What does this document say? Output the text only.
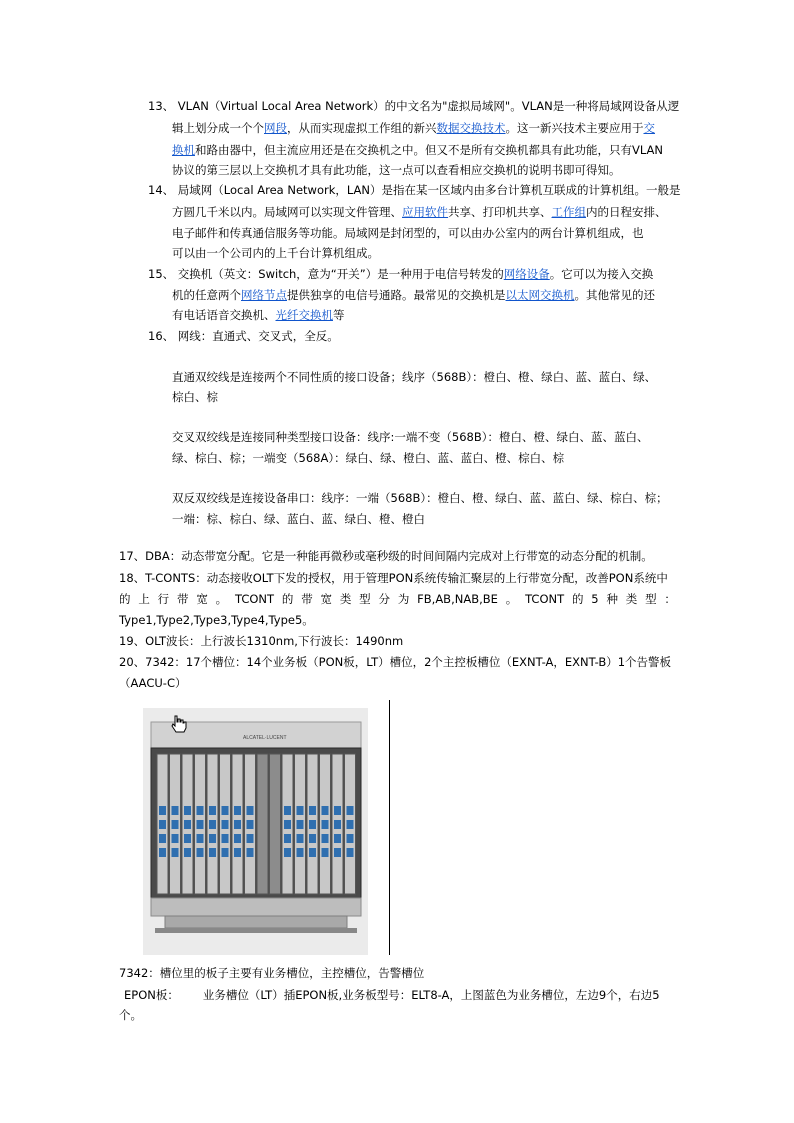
13、 VLAN（Virtual Local Area Network）的中文名为"虚拟局域网"。VLAN是一种将局域网设备从逻
辑上划分成一个个网段，从而实现虚拟工作组的新兴数据交换技术。这一新兴技术主要应用于交
换机和路由器中，但主流应用还是在交换机之中。但又不是所有交换机都具有此功能，只有VLAN
协议的第三层以上交换机才具有此功能，这一点可以查看相应交换机的说明书即可得知。
14、 局域网（Local Area Network，LAN）是指在某一区域内由多台计算机互联成的计算机组。一般是
方圆几千米以内。局域网可以实现文件管理、应用软件共享、打印机共享、工作组内的日程安排、
电子邮件和传真通信服务等功能。局域网是封闭型的，可以由办公室内的两台计算机组成，也
可以由一个公司内的上千台计算机组成。
15、 交换机（英文：Switch，意为“开关”）是一种用于电信号转发的网络设备。它可以为接入交换
机的任意两个网络节点提供独享的电信号通路。最常见的交换机是以太网交换机。其他常见的还
有电话语音交换机、光纤交换机等
16、 网线：直通式、交叉式，全反。
直通双绞线是连接两个不同性质的接口设备；线序（568B）：橙白、橙、绿白、蓝、蓝白、绿、
棕白、棕
交叉双绞线是连接同种类型接口设备：线序:一端不变（568B）：橙白、橙、绿白、蓝、蓝白、
绿、棕白、棕；一端变（568A）：绿白、绿、橙白、蓝、蓝白、橙、棕白、棕
双反双绞线是连接设备串口：线序：一端（568B）：橙白、橙、绿白、蓝、蓝白、绿、棕白、棕；
一端：棕、棕白、绿、蓝白、蓝、绿白、橙、橙白
17、DBA：动态带宽分配。它是一种能再微秒或毫秒级的时间间隔内完成对上行带宽的动态分配的机制。
18、T-CONTS：动态接收OLT下发的授权，用于管理PON系统传输汇聚层的上行带宽分配，改善PON系统中
的 上 行 带 宽 。 TCONT 的 带 宽 类 型 分 为 FB,AB,NAB,BE 。 TCONT 的 5 种 类 型 ：
Type1,Type2,Type3,Type4,Type5。
19、OLT波长：上行波长1310nm,下行波长：1490nm
20、7342：17个槽位：14个业务板（PON板，LT）槽位，2个主控板槽位（EXNT-A，EXNT-B）1个告警板
（AACU-C）
ALCATEL·LUCENT
7342：槽位里的板子主要有业务槽位，主控槽位，告警槽位
EPON板： 业务槽位（LT）插EPON板,业务板型号：ELT8-A，上图蓝色为业务槽位，左边9个，右边5
个。
